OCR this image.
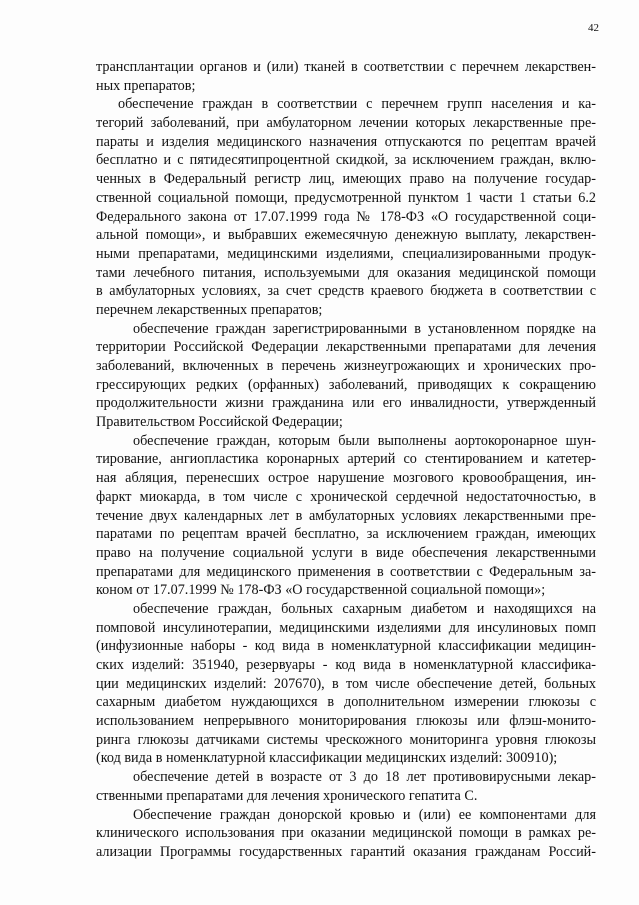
42
трансплантации органов и (или) тканей в соответствии с перечнем лекарствен-
ных препаратов;
обеспечение граждан в соответствии с перечнем групп населения и ка-
тегорий заболеваний, при амбулаторном лечении которых лекарственные пре-
параты и изделия медицинского назначения отпускаются по рецептам врачей
бесплатно и с пятидесятипроцентной скидкой, за исключением граждан, вклю-
ченных в Федеральный регистр лиц, имеющих право на получение государ-
ственной социальной помощи, предусмотренной пунктом 1 части 1 статьи 6.2
Федерального закона от 17.07.1999 года № 178-ФЗ «О государственной соци-
альной помощи», и выбравших ежемесячную денежную выплату, лекарствен-
ными препаратами, медицинскими изделиями, специализированными продук-
тами лечебного питания, используемыми для оказания медицинской помощи
в амбулаторных условиях, за счет средств краевого бюджета в соответствии с
перечнем лекарственных препаратов;
обеспечение граждан зарегистрированными в установленном порядке на
территории Российской Федерации лекарственными препаратами для лечения
заболеваний, включенных в перечень жизнеугрожающих и хронических про-
грессирующих редких (орфанных) заболеваний, приводящих к сокращению
продолжительности жизни гражданина или его инвалидности, утвержденный
Правительством Российской Федерации;
обеспечение граждан, которым были выполнены аортокоронарное шун-
тирование, ангиопластика коронарных артерий со стентированием и катетер-
ная абляция, перенесших острое нарушение мозгового кровообращения, ин-
фаркт миокарда, в том числе с хронической сердечной недостаточностью, в
течение двух календарных лет в амбулаторных условиях лекарственными пре-
паратами по рецептам врачей бесплатно, за исключением граждан, имеющих
право на получение социальной услуги в виде обеспечения лекарственными
препаратами для медицинского применения в соответствии с Федеральным за-
коном от 17.07.1999 № 178-ФЗ «О государственной социальной помощи»;
обеспечение граждан, больных сахарным диабетом и находящихся на
помповой инсулинотерапии, медицинскими изделиями для инсулиновых помп
(инфузионные наборы - код вида в номенклатурной классификации медицин-
ских изделий: 351940, резервуары - код вида в номенклатурной классифика-
ции медицинских изделий: 207670), в том числе обеспечение детей, больных
сахарным диабетом нуждающихся в дополнительном измерении глюкозы с
использованием непрерывного мониторирования глюкозы или флэш-монито-
ринга глюкозы датчиками системы чрескожного мониторинга уровня глюкозы
(код вида в номенклатурной классификации медицинских изделий: 300910);
обеспечение детей в возрасте от 3 до 18 лет противовирусными лекар-
ственными препаратами для лечения хронического гепатита С.
Обеспечение граждан донорской кровью и (или) ее компонентами для
клинического использования при оказании медицинской помощи в рамках ре-
ализации Программы государственных гарантий оказания гражданам Россий-
